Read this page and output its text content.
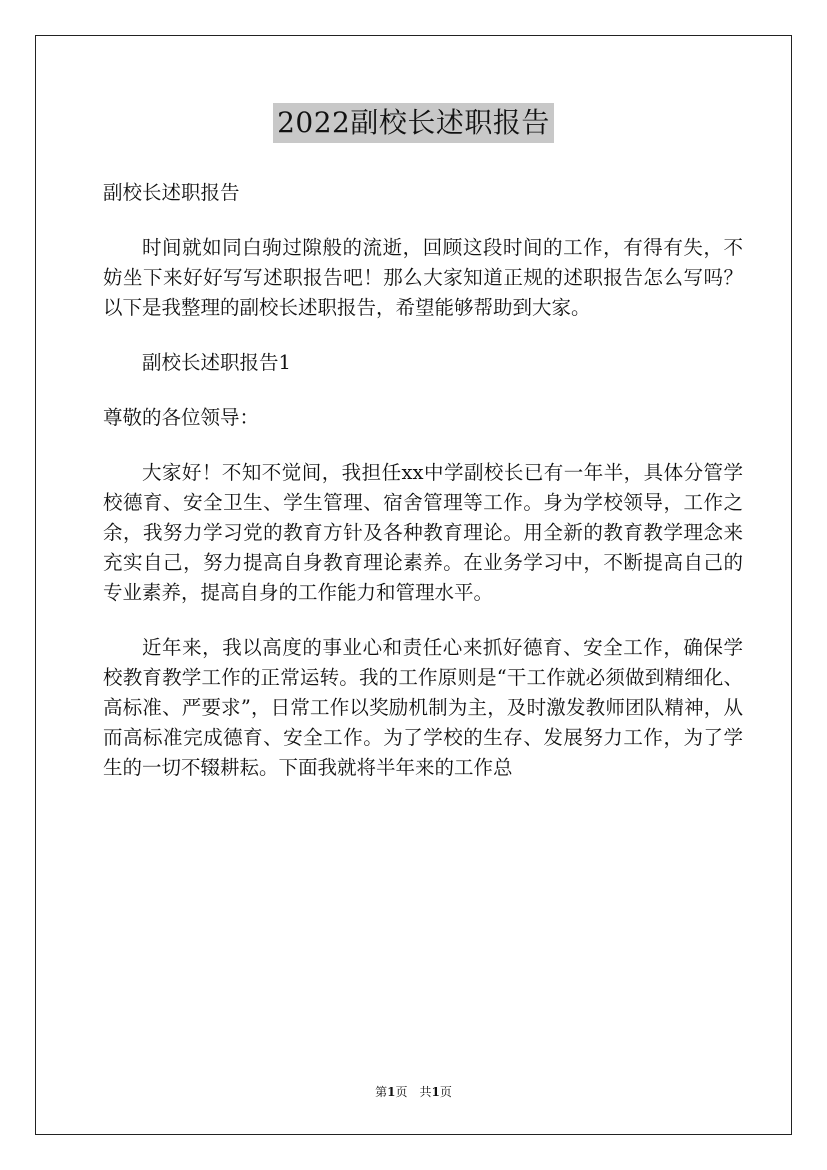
2022副校长述职报告

副校长述职报告

时间就如同白驹过隙般的流逝，回顾这段时间的工作，有得有失，不妨坐下来好好写写述职报告吧！那么大家知道正规的述职报告怎么写吗？以下是我整理的副校长述职报告，希望能够帮助到大家。

副校长述职报告1

尊敬的各位领导：

大家好！不知不觉间，我担任xx中学副校长已有一年半，具体分管学校德育、安全卫生、学生管理、宿舍管理等工作。身为学校领导，工作之余，我努力学习党的教育方针及各种教育理论。用全新的教育教学理念来充实自己，努力提高自身教育理论素养。在业务学习中，不断提高自己的专业素养，提高自身的工作能力和管理水平。

近年来，我以高度的事业心和责任心来抓好德育、安全工作，确保学校教育教学工作的正常运转。我的工作原则是“干工作就必须做到精细化、高标准、严要求”，日常工作以奖励机制为主，及时激发教师团队精神，从而高标准完成德育、安全工作。为了学校的生存、发展努力工作，为了学生的一切不辍耕耘。下面我就将半年来的工作总

第1页 共1页
